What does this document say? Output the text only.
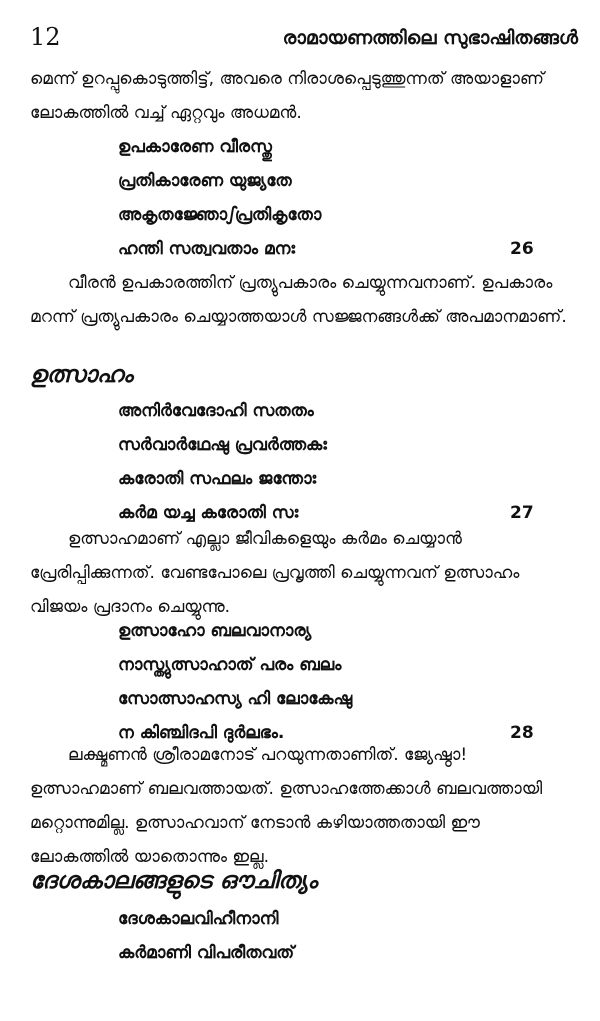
12	രാമായണത്തിലെ സുഭാഷിതങ്ങൾ

മെന്ന് ഉറപ്പുകൊടുത്തിട്ട്, അവരെ നിരാശപ്പെടുത്തുന്നത് അയാളാണ് ലോകത്തിൽ വച്ച് ഏറ്റവും അധമൻ.

ഉപകാരേണ വീരസ്തു
പ്രതികാരേണ യുജ്യതേ
അകൃതജ്ഞോഽപ്രതികൃതോ
ഹന്തി സത്വവതാം മനഃ	26

വീരൻ ഉപകാരത്തിന് പ്രത്യുപകാരം ചെയ്യുന്നവനാണ്. ഉപകാരം മറന്ന് പ്രത്യുപകാരം ചെയ്യാത്തയാൾ സജ്ജനങ്ങൾക്ക് അപമാനമാണ്.

ഉത്സാഹം
അനിർവേദോഹി സതതം
സർവാർഥേഷു പ്രവർത്തകഃ
കരോതി സഫലം ജന്തോഃ
കർമ യച്ച കരോതി സഃ	27

ഉത്സാഹമാണ് എല്ലാ ജീവികളെയും കർമം ചെയ്യാൻ പ്രേരിപ്പിക്കുന്നത്. വേണ്ടപോലെ പ്രവൃത്തി ചെയ്യുന്നവന് ഉത്സാഹം വിജയം പ്രദാനം ചെയ്യുന്നു.

ഉത്സാഹോ ബലവാനാര്യ
നാസ്ത്യുത്സാഹാത് പരം ബലം
സോത്സാഹസ്യ ഹി ലോകേഷു
ന കിഞ്ചിദപി ദുർലഭം.	28

ലക്ഷ്മണൻ ശ്രീരാമനോട് പറയുന്നതാണിത്. ജ്യേഷ്ഠാ! ഉത്സാഹമാണ് ബലവത്തായത്. ഉത്സാഹത്തേക്കാൾ ബലവത്തായി മറ്റൊന്നുമില്ല. ഉത്സാഹവാന് നേടാൻ കഴിയാത്തതായി ഈ ലോകത്തിൽ യാതൊന്നും ഇല്ല.

ദേശകാലങ്ങളുടെ ഔചിത്യം
ദേശകാലവിഹീനാനി
കർമാണി വിപരീതവത്
